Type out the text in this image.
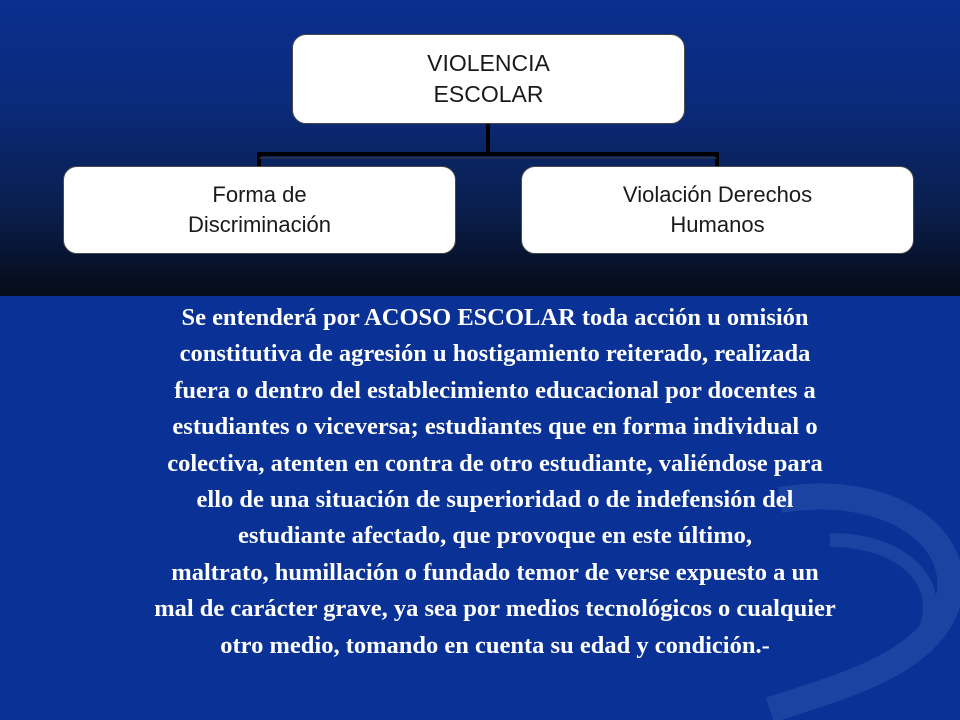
VIOLENCIA
ESCOLAR
Forma de
Discriminación
Violación Derechos
Humanos
Se entenderá por ACOSO ESCOLAR toda acción u omisión
constitutiva de agresión u hostigamiento reiterado, realizada
fuera o dentro del establecimiento educacional por docentes a
estudiantes o viceversa; estudiantes que en forma individual o
colectiva, atenten en contra de otro estudiante, valiéndose para
ello de una situación de superioridad o de indefensión del
estudiante afectado, que provoque en este último,
maltrato, humillación o fundado temor de verse expuesto a un
mal de carácter grave, ya sea por medios tecnológicos o cualquier
otro medio, tomando en cuenta su edad y condición.-
